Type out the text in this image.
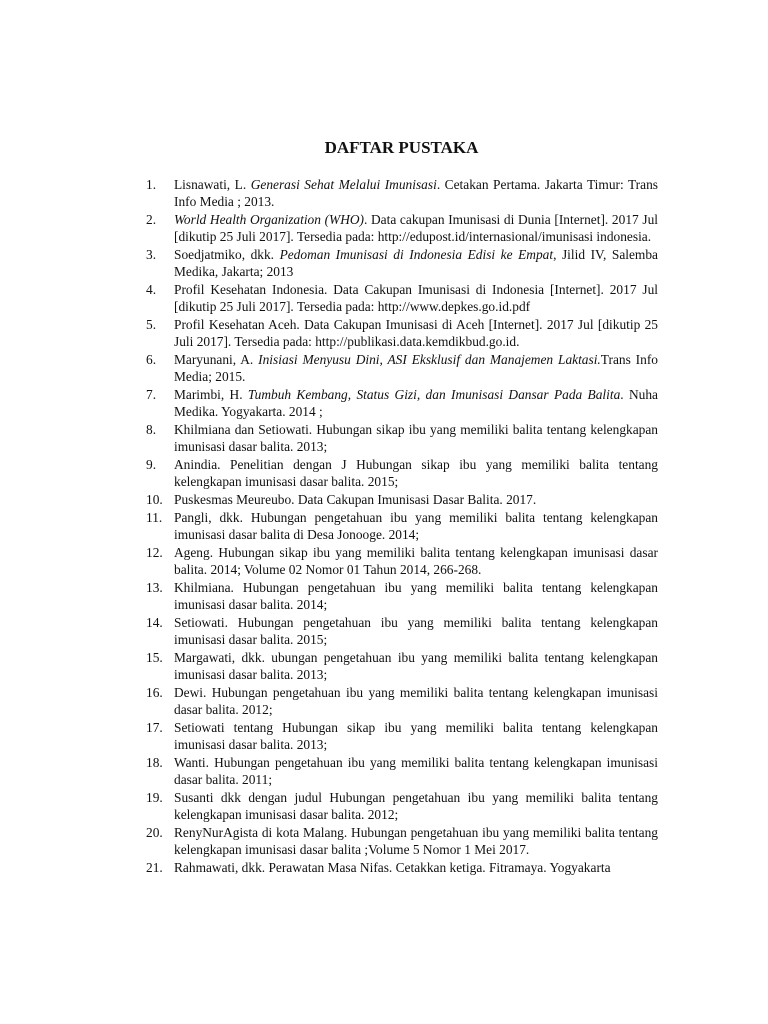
DAFTAR PUSTAKA
1. Lisnawati, L. Generasi Sehat Melalui Imunisasi. Cetakan Pertama. Jakarta Timur: Trans Info Media ; 2013.
2. World Health Organization (WHO). Data cakupan Imunisasi di Dunia [Internet]. 2017 Jul [dikutip 25 Juli 2017]. Tersedia pada: http://edupost.id/internasional/imunisasi indonesia.
3. Soedjatmiko, dkk. Pedoman Imunisasi di Indonesia Edisi ke Empat, Jilid IV, Salemba Medika, Jakarta; 2013
4. Profil Kesehatan Indonesia. Data Cakupan Imunisasi di Indonesia [Internet]. 2017 Jul [dikutip 25 Juli 2017]. Tersedia pada: http://www.depkes.go.id.pdf
5. Profil Kesehatan Aceh. Data Cakupan Imunisasi di Aceh [Internet]. 2017 Jul [dikutip 25 Juli 2017]. Tersedia pada: http://publikasi.data.kemdikbud.go.id.
6. Maryunani, A. Inisiasi Menyusu Dini, ASI Eksklusif dan Manajemen Laktasi.Trans Info Media; 2015.
7. Marimbi, H. Tumbuh Kembang, Status Gizi, dan Imunisasi Dansar Pada Balita. Nuha Medika. Yogyakarta. 2014 ;
8. Khilmiana dan Setiowati. Hubungan sikap ibu yang memiliki balita tentang kelengkapan imunisasi dasar balita. 2013;
9. Anindia. Penelitian dengan J Hubungan sikap ibu yang memiliki balita tentang kelengkapan imunisasi dasar balita. 2015;
10. Puskesmas Meureubo. Data Cakupan Imunisasi Dasar Balita. 2017.
11. Pangli, dkk. Hubungan pengetahuan ibu yang memiliki balita tentang kelengkapan imunisasi dasar balita di Desa Jonooge. 2014;
12. Ageng. Hubungan sikap ibu yang memiliki balita tentang kelengkapan imunisasi dasar balita. 2014; Volume 02 Nomor 01 Tahun 2014, 266-268.
13. Khilmiana. Hubungan pengetahuan ibu yang memiliki balita tentang kelengkapan imunisasi dasar balita. 2014;
14. Setiowati. Hubungan pengetahuan ibu yang memiliki balita tentang kelengkapan imunisasi dasar balita. 2015;
15. Margawati, dkk. ubungan pengetahuan ibu yang memiliki balita tentang kelengkapan imunisasi dasar balita. 2013;
16. Dewi. Hubungan pengetahuan ibu yang memiliki balita tentang kelengkapan imunisasi dasar balita. 2012;
17. Setiowati tentang Hubungan sikap ibu yang memiliki balita tentang kelengkapan imunisasi dasar balita. 2013;
18. Wanti. Hubungan pengetahuan ibu yang memiliki balita tentang kelengkapan imunisasi dasar balita. 2011;
19. Susanti dkk dengan judul Hubungan pengetahuan ibu yang memiliki balita tentang kelengkapan imunisasi dasar balita. 2012;
20. RenyNurAgista di kota Malang. Hubungan pengetahuan ibu yang memiliki balita tentang kelengkapan imunisasi dasar balita ;Volume 5 Nomor 1 Mei 2017.
21. Rahmawati, dkk. Perawatan Masa Nifas. Cetakkan ketiga. Fitramaya. Yogyakarta
